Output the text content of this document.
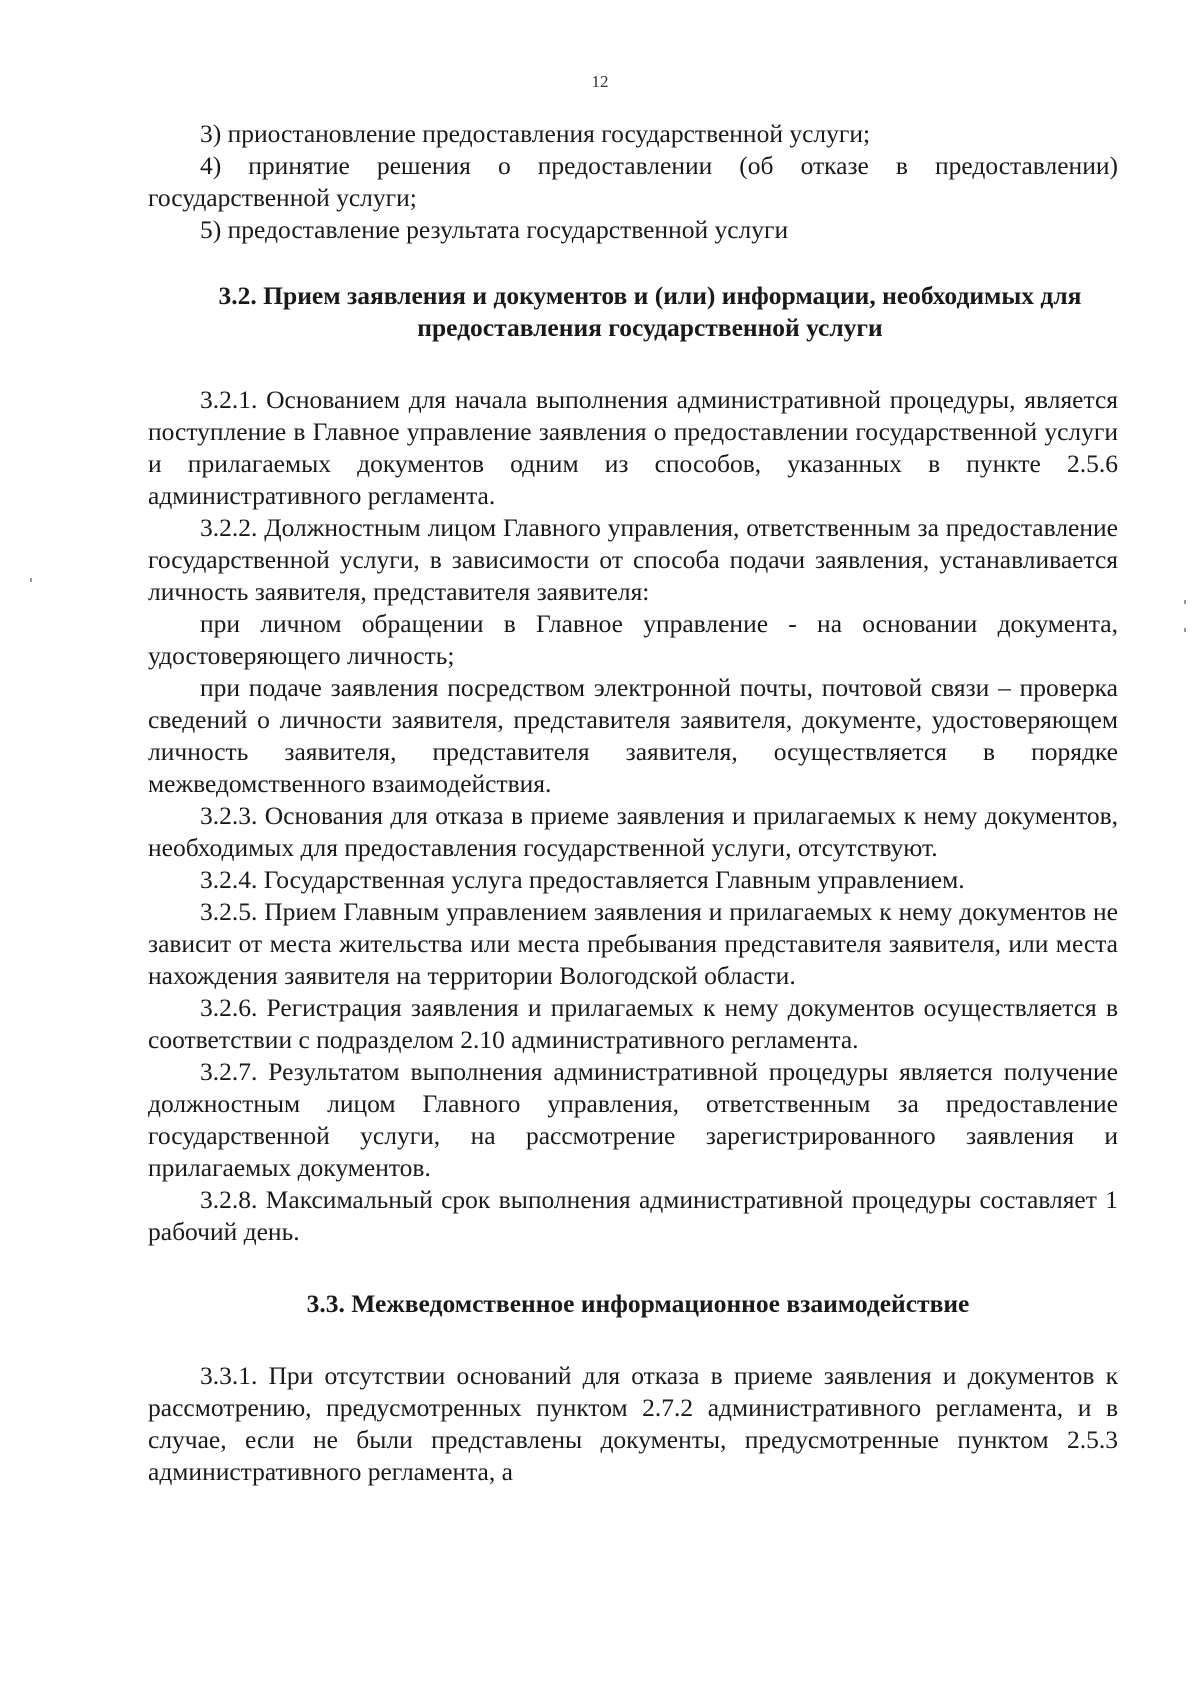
12

3) приостановление предоставления государственной услуги;

4) принятие решения о предоставлении (об отказе в предоставлении) государственной услуги;

5) предоставление результата государственной услуги

3.2. Прием заявления и документов и (или) информации, необходимых для предоставления государственной услуги

3.2.1. Основанием для начала выполнения административной процедуры, является поступление в Главное управление заявления о предоставлении государственной услуги и прилагаемых документов одним из способов, указанных в пункте 2.5.6 административного регламента.

3.2.2. Должностным лицом Главного управления, ответственным за предоставление государственной услуги, в зависимости от способа подачи заявления, устанавливается личность заявителя, представителя заявителя:

при личном обращении в Главное управление - на основании документа, удостоверяющего личность;

при подаче заявления посредством электронной почты, почтовой связи – проверка сведений о личности заявителя, представителя заявителя, документе, удостоверяющем личность заявителя, представителя заявителя, осуществляется в порядке межведомственного взаимодействия.

3.2.3. Основания для отказа в приеме заявления и прилагаемых к нему документов, необходимых для предоставления государственной услуги, отсутствуют.

3.2.4. Государственная услуга предоставляется Главным управлением.

3.2.5. Прием Главным управлением заявления и прилагаемых к нему документов не зависит от места жительства или места пребывания представителя заявителя, или места нахождения заявителя на территории Вологодской области.

3.2.6. Регистрация заявления и прилагаемых к нему документов осуществляется в соответствии с подразделом 2.10 административного регламента.

3.2.7. Результатом выполнения административной процедуры является получение должностным лицом Главного управления, ответственным за предоставление государственной услуги, на рассмотрение зарегистрированного заявления и прилагаемых документов.

3.2.8. Максимальный срок выполнения административной процедуры составляет 1 рабочий день.

3.3. Межведомственное информационное взаимодействие

3.3.1. При отсутствии оснований для отказа в приеме заявления и документов к рассмотрению, предусмотренных пунктом 2.7.2 административного регламента, и в случае, если не были представлены документы, предусмотренные пунктом 2.5.3 административного регламента, а
